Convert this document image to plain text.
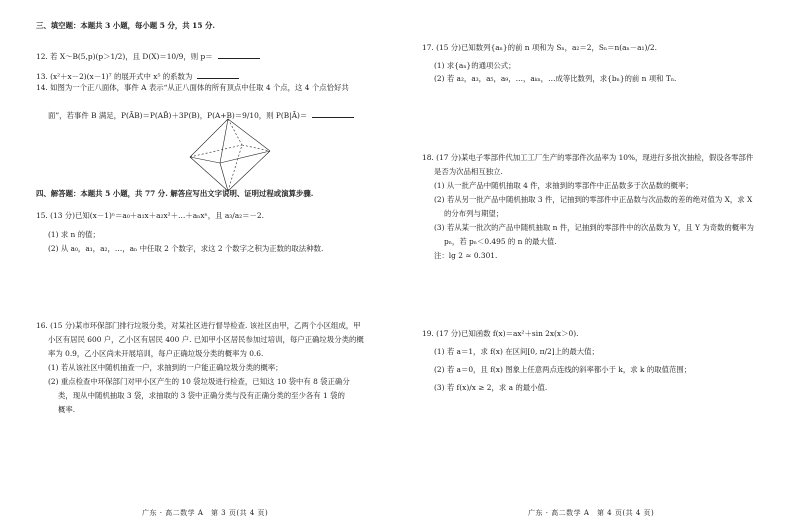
三、填空题：本题共 3 小题，每小题 5 分，共 15 分.
12. 若 X～B(5,p)(p＞1/2)，且 D(X)＝10/9，则 p＝
13. (x²＋x－2)(x－1)⁷ 的展开式中 x⁵ 的系数为
14. 如图为一个正八面体，事件 A 表示“从正八面体的所有顶点中任取 4 个点，这 4 个点恰好共
面”，若事件 B 满足，P(ĀB)＝P(AB̄)＋3P(B)，P(A+B)＝9/10，则 P(B|Ā)＝
四、解答题：本题共 5 小题，共 77 分. 解答应写出文字说明、证明过程或演算步骤.
15. (13 分)已知(x－1)ⁿ＝a₀＋a₁x＋a₂x²＋…＋aₙxⁿ，且 a₃/a₂＝－2.
(1) 求 n 的值；
(2) 从 a₀，a₁，a₂，…，aₙ 中任取 2 个数字，求这 2 个数字之积为正数的取法种数.
16. (15 分)某市环保部门排行垃圾分类，对某社区进行督导检查. 该社区由甲，乙两个小区组成，甲
小区有居民 600 户，乙小区有居民 400 户. 已知甲小区居民参加过培训，每户正确垃圾分类的概
率为 0.9，乙小区尚未开展培训，每户正确垃圾分类的概率为 0.6.
(1) 若从该社区中随机抽查一户，求抽到的一户能正确垃圾分类的概率；
(2) 重点检查中环保部门对甲小区产生的 10 袋垃圾进行检查，已知这 10 袋中有 8 袋正确分
类，现从中随机抽取 3 袋，求抽取的 3 袋中正确分类与没有正确分类的至少各有 1 袋的
概率.
广东 · 高二数学 A　第 3 页(共 4 页)
17. (15 分)已知数列{aₙ}的前 n 项和为 Sₙ，a₂＝2，Sₙ＝n(aₙ－a₁)/2.
(1) 求{aₙ}的通项公式；
(2) 若 a₂，a₃，a₅，a₉，…，aₖₙ，…成等比数列，求{bₙ}的前 n 项和 Tₙ.
18. (17 分)某电子零部件代加工工厂生产的零部件次品率为 10%，现进行多批次抽检，假设各零部件
是否为次品相互独立.
(1) 从一批产品中随机抽取 4 件，求抽到的零部件中正品数多于次品数的概率；
(2) 若从另一批产品中随机抽取 3 件，记抽到的零部件中正品数与次品数的差的绝对值为 X，求 X
的分布列与期望；
(3) 若从某一批次的产品中随机抽取 n 件，记抽到的零部件中的次品数为 Y，且 Y 为奇数的概率为
pₙ，若 pₙ＜0.495 的 n 的最大值.
注：lg 2 ≈ 0.301.
19. (17 分)已知函数 f(x)＝ax²＋sin 2x(x＞0).
(1) 若 a＝1，求 f(x) 在区间[0, π/2]上的最大值；
(2) 若 a＝0，且 f(x) 图象上任意两点连线的斜率都小于 k，求 k 的取值范围；
(3) 若 f(x)/x ≥ 2，求 a 的最小值.
广东 · 高二数学 A　第 4 页(共 4 页)
